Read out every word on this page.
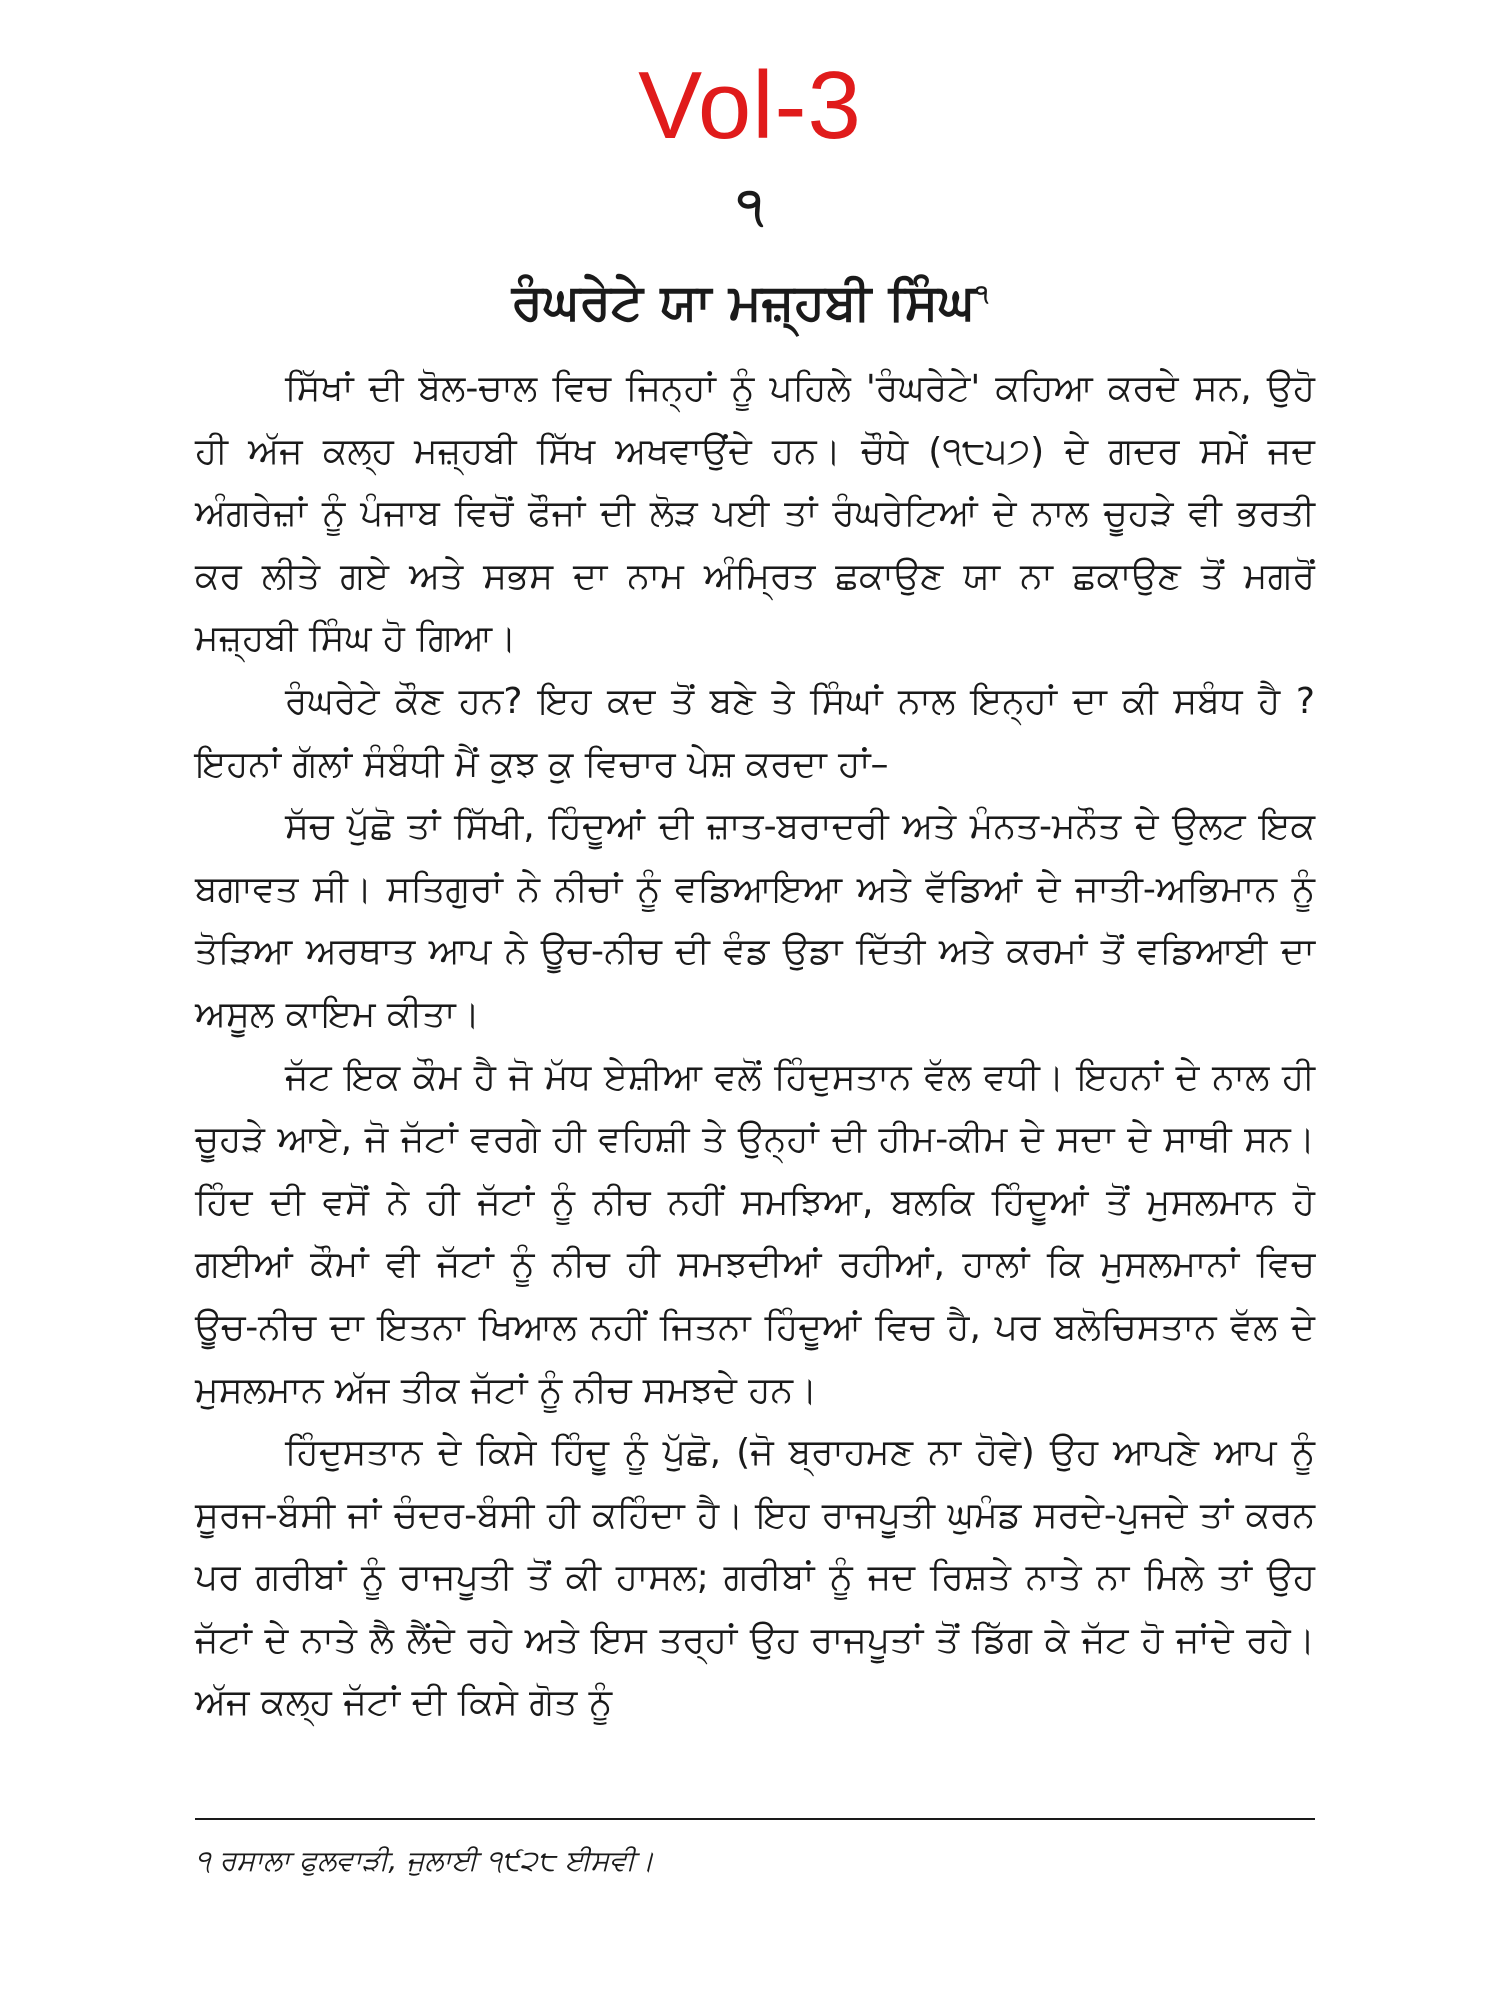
Vol-3
੧
ਰੰਘਰੇਟੇ ਯਾ ਮਜ਼੍ਹਬੀ ਸਿੰਘ$^੧$

ਸਿੱਖਾਂ ਦੀ ਬੋਲ-ਚਾਲ ਵਿਚ ਜਿਨ੍ਹਾਂ ਨੂੰ ਪਹਿਲੇ 'ਰੰਘਰੇਟੇ' ਕਹਿਆ ਕਰਦੇ ਸਨ, ਉਹੋ ਹੀ ਅੱਜ ਕਲ੍ਹ ਮਜ਼੍ਹਬੀ ਸਿੱਖ ਅਖਵਾਉਂਦੇ ਹਨ। ਚੌਧੇ (੧੮੫੭) ਦੇ ਗਦਰ ਸਮੇਂ ਜਦ ਅੰਗਰੇਜ਼ਾਂ ਨੂੰ ਪੰਜਾਬ ਵਿਚੋਂ ਫੌਜਾਂ ਦੀ ਲੋੜ ਪਈ ਤਾਂ ਰੰਘਰੇਟਿਆਂ ਦੇ ਨਾਲ ਚੂਹੜੇ ਵੀ ਭਰਤੀ ਕਰ ਲੀਤੇ ਗਏ ਅਤੇ ਸਭਸ ਦਾ ਨਾਮ ਅੰਮ੍ਰਿਤ ਛਕਾਉਣ ਯਾ ਨਾ ਛਕਾਉਣ ਤੋਂ ਮਗਰੋਂ ਮਜ਼੍ਹਬੀ ਸਿੰਘ ਹੋ ਗਿਆ।

ਰੰਘਰੇਟੇ ਕੌਣ ਹਨ? ਇਹ ਕਦ ਤੋਂ ਬਣੇ ਤੇ ਸਿੰਘਾਂ ਨਾਲ ਇਨ੍ਹਾਂ ਦਾ ਕੀ ਸਬੰਧ ਹੈ ? ਇਹਨਾਂ ਗੱਲਾਂ ਸੰਬੰਧੀ ਮੈਂ ਕੁਝ ਕੁ ਵਿਚਾਰ ਪੇਸ਼ ਕਰਦਾ ਹਾਂ–

ਸੱਚ ਪੁੱਛੋ ਤਾਂ ਸਿੱਖੀ, ਹਿੰਦੂਆਂ ਦੀ ਜ਼ਾਤ-ਬਰਾਦਰੀ ਅਤੇ ਮੰਨਤ-ਮਨੌਤ ਦੇ ਉਲਟ ਇਕ ਬਗਾਵਤ ਸੀ। ਸਤਿਗੁਰਾਂ ਨੇ ਨੀਚਾਂ ਨੂੰ ਵਡਿਆਇਆ ਅਤੇ ਵੱਡਿਆਂ ਦੇ ਜਾਤੀ-ਅਭਿਮਾਨ ਨੂੰ ਤੋੜਿਆ ਅਰਥਾਤ ਆਪ ਨੇ ਊਚ-ਨੀਚ ਦੀ ਵੰਡ ਉਡਾ ਦਿੱਤੀ ਅਤੇ ਕਰਮਾਂ ਤੋਂ ਵਡਿਆਈ ਦਾ ਅਸੂਲ ਕਾਇਮ ਕੀਤਾ।

ਜੱਟ ਇਕ ਕੌਮ ਹੈ ਜੋ ਮੱਧ ਏਸ਼ੀਆ ਵਲੋਂ ਹਿੰਦੁਸਤਾਨ ਵੱਲ ਵਧੀ। ਇਹਨਾਂ ਦੇ ਨਾਲ ਹੀ ਚੂਹੜੇ ਆਏ, ਜੋ ਜੱਟਾਂ ਵਰਗੇ ਹੀ ਵਹਿਸ਼ੀ ਤੇ ਉਨ੍ਹਾਂ ਦੀ ਹੀਮ-ਕੀਮ ਦੇ ਸਦਾ ਦੇ ਸਾਥੀ ਸਨ। ਹਿੰਦ ਦੀ ਵਸੋਂ ਨੇ ਹੀ ਜੱਟਾਂ ਨੂੰ ਨੀਚ ਨਹੀਂ ਸਮਝਿਆ, ਬਲਕਿ ਹਿੰਦੂਆਂ ਤੋਂ ਮੁਸਲਮਾਨ ਹੋ ਗਈਆਂ ਕੌਮਾਂ ਵੀ ਜੱਟਾਂ ਨੂੰ ਨੀਚ ਹੀ ਸਮਝਦੀਆਂ ਰਹੀਆਂ, ਹਾਲਾਂ ਕਿ ਮੁਸਲਮਾਨਾਂ ਵਿਚ ਊਚ-ਨੀਚ ਦਾ ਇਤਨਾ ਖਿਆਲ ਨਹੀਂ ਜਿਤਨਾ ਹਿੰਦੂਆਂ ਵਿਚ ਹੈ, ਪਰ ਬਲੋਚਿਸਤਾਨ ਵੱਲ ਦੇ ਮੁਸਲਮਾਨ ਅੱਜ ਤੀਕ ਜੱਟਾਂ ਨੂੰ ਨੀਚ ਸਮਝਦੇ ਹਨ।

ਹਿੰਦੁਸਤਾਨ ਦੇ ਕਿਸੇ ਹਿੰਦੂ ਨੂੰ ਪੁੱਛੋ, (ਜੋ ਬ੍ਰਾਹਮਣ ਨਾ ਹੋਵੇ) ਉਹ ਆਪਣੇ ਆਪ ਨੂੰ ਸੂਰਜ-ਬੰਸੀ ਜਾਂ ਚੰਦਰ-ਬੰਸੀ ਹੀ ਕਹਿੰਦਾ ਹੈ। ਇਹ ਰਾਜਪੂਤੀ ਘੁਮੰਡ ਸਰਦੇ-ਪੁਜਦੇ ਤਾਂ ਕਰਨ ਪਰ ਗਰੀਬਾਂ ਨੂੰ ਰਾਜਪੂਤੀ ਤੋਂ ਕੀ ਹਾਸਲ; ਗਰੀਬਾਂ ਨੂੰ ਜਦ ਰਿਸ਼ਤੇ ਨਾਤੇ ਨਾ ਮਿਲੇ ਤਾਂ ਉਹ ਜੱਟਾਂ ਦੇ ਨਾਤੇ ਲੈ ਲੈਂਦੇ ਰਹੇ ਅਤੇ ਇਸ ਤਰ੍ਹਾਂ ਉਹ ਰਾਜਪੂਤਾਂ ਤੋਂ ਡਿੱਗ ਕੇ ਜੱਟ ਹੋ ਜਾਂਦੇ ਰਹੇ। ਅੱਜ ਕਲ੍ਹ ਜੱਟਾਂ ਦੀ ਕਿਸੇ ਗੋਤ ਨੂੰ

੧ ਰਸਾਲਾ ਫੁਲਵਾੜੀ, ਜੁਲਾਈ ੧੯੨੮ ਈਸਵੀ।
